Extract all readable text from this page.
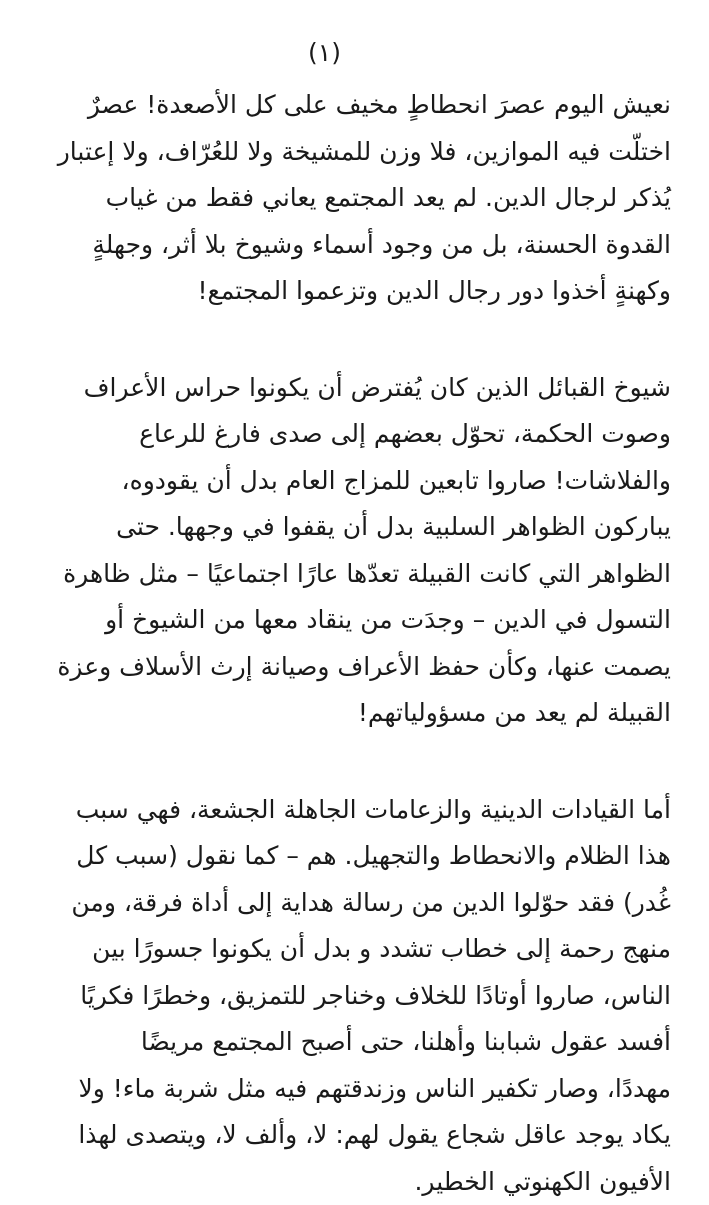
(١)
نعيش اليوم عصرَ انحطاطٍ مخيف على كل الأصعدة! عصرٌ
اختلّت فيه الموازين، فلا وزن للمشيخة ولا للعُرّاف، ولا إعتبار
يُذكر لرجال الدين. لم يعد المجتمع يعاني فقط من غياب
القدوة الحسنة، بل من وجود أسماء وشيوخ بلا أثر، وجهلةٍ
وكهنةٍ أخذوا دور رجال الدين وتزعموا المجتمع!
شيوخ القبائل الذين كان يُفترض أن يكونوا حراس الأعراف
وصوت الحكمة، تحوّل بعضهم إلى صدى فارغ للرعاع
والفلاشات! صاروا تابعين للمزاج العام بدل أن يقودوه،
يباركون الظواهر السلبية بدل أن يقفوا في وجهها. حتى
الظواهر التي كانت القبيلة تعدّها عارًا اجتماعيًا – مثل ظاهرة
التسول في الدين – وجدَت من ينقاد معها من الشيوخ أو
يصمت عنها، وكأن حفظ الأعراف وصيانة إرث الأسلاف وعزة
القبيلة لم يعد من مسؤولياتهم!
أما القيادات الدينية والزعامات الجاهلة الجشعة، فهي سبب
هذا الظلام والانحطاط والتجهيل. هم – كما نقول (سبب كل
غُدر) فقد حوّلوا الدين من رسالة هداية إلى أداة فرقة، ومن
منهج رحمة إلى خطاب تشدد و بدل أن يكونوا جسورًا بين
الناس، صاروا أوتادًا للخلاف وخناجر للتمزيق، وخطرًا فكريًا
أفسد عقول شبابنا وأهلنا، حتى أصبح المجتمع مريضًا
مهددًا، وصار تكفير الناس وزندقتهم فيه مثل شربة ماء! ولا
يكاد يوجد عاقل شجاع يقول لهم: لا، وألف لا، ويتصدى لهذا
الأفيون الكهنوتي الخطير.
